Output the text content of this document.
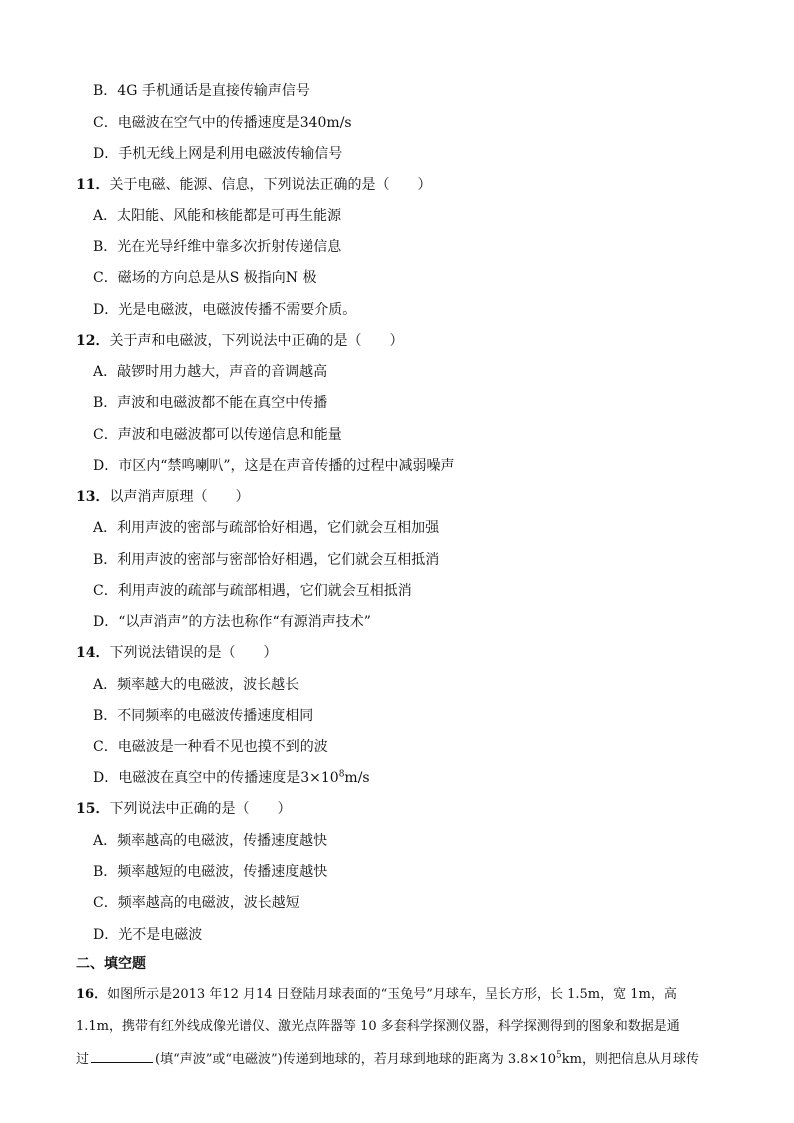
B．4G 手机通话是直接传输声信号
C．电磁波在空气中的传播速度是340m/s
D．手机无线上网是利用电磁波传输信号
11．关于电磁、能源、信息，下列说法正确的是（　　）
A．太阳能、风能和核能都是可再生能源
B．光在光导纤维中靠多次折射传递信息
C．磁场的方向总是从S 极指向N 极
D．光是电磁波，电磁波传播不需要介质。
12．关于声和电磁波，下列说法中正确的是（　　）
A．敲锣时用力越大，声音的音调越高
B．声波和电磁波都不能在真空中传播
C．声波和电磁波都可以传递信息和能量
D．市区内“禁鸣喇叭”，这是在声音传播的过程中减弱噪声
13．以声消声原理（　　）
A．利用声波的密部与疏部恰好相遇，它们就会互相加强
B．利用声波的密部与密部恰好相遇，它们就会互相抵消
C．利用声波的疏部与疏部相遇，它们就会互相抵消
D．“以声消声”的方法也称作“有源消声技术”
14．下列说法错误的是（　　）
A．频率越大的电磁波，波长越长
B．不同频率的电磁波传播速度相同
C．电磁波是一种看不见也摸不到的波
D．电磁波在真空中的传播速度是$3\times 10^8m/s$
15．下列说法中正确的是（　　）
A．频率越高的电磁波，传播速度越快
B．频率越短的电磁波，传播速度越快
C．频率越高的电磁波，波长越短
D．光不是电磁波
二、填空题
16．如图所示是2013 年12 月14 日登陆月球表面的“玉兔号”月球车，呈长方形，长 1.5m，宽 1m，高
1.1m，携带有红外线成像光谱仪、激光点阵器等 10 多套科学探测仪器，科学探测得到的图象和数据是通
过	(填“声波”或“电磁波”)传递到地球的，若月球到地球的距离为 $3.8\times 10^5km$，则把信息从月球传
